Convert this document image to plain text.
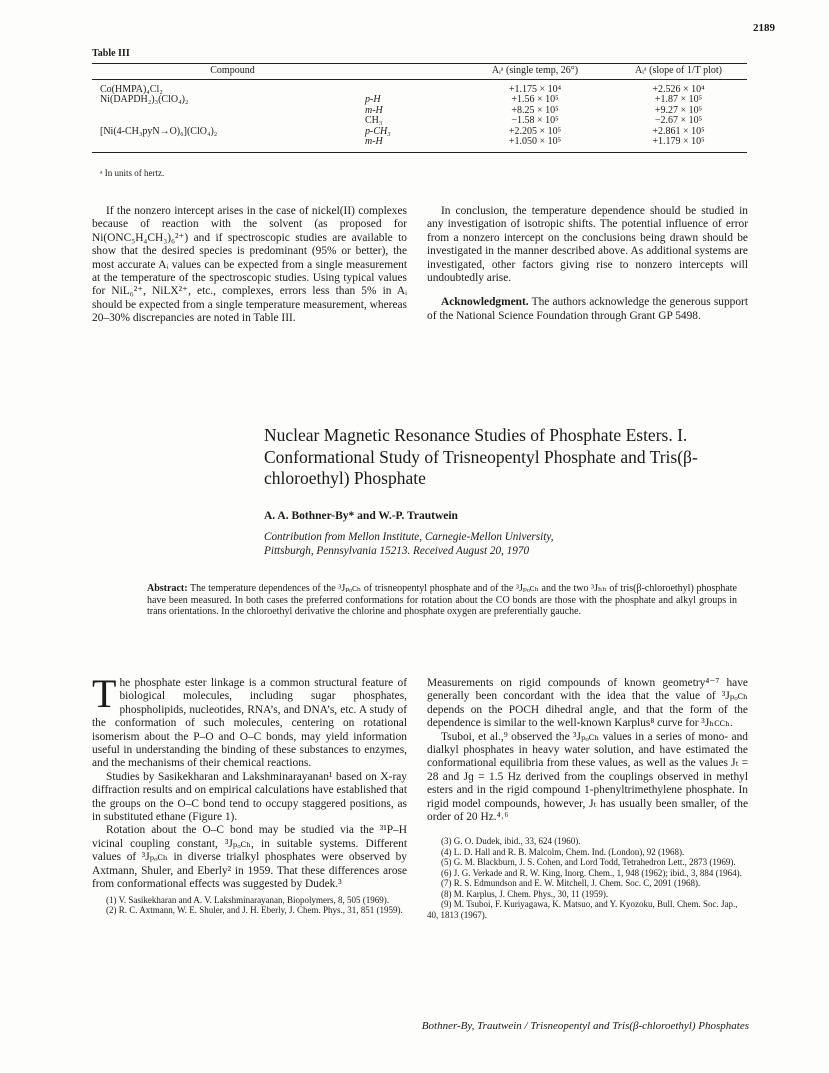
2189
Table III
Compound		Aᵢᵃ (single temp, 26°)	Aᵢᵃ (slope of 1/T plot)
Co(HMPA)₄Cl₂		+1.175 × 10⁴	+2.526 × 10⁴
Ni(DAPDH₂)₃(ClO₄)₂	p-H	+1.56 × 10⁵	+1.87 × 10⁵
	m-H	+8.25 × 10⁵	+9.27 × 10⁵
	CH₃	−1.58 × 10⁵	−2.67 × 10⁵
[Ni(4-CH₃pyN→O)₆](ClO₄)₂	p-CH₃	+2.205 × 10⁵	+2.861 × 10⁵
	m-H	+1.050 × 10⁵	+1.179 × 10⁵
ᵃ In units of hertz.

If the nonzero intercept arises in the case of nickel(II) complexes because of reaction with the solvent (as proposed for Ni(ONC₅H₄CH₃)₆²⁺) and if spectroscopic studies are available to show that the desired species is predominant (95% or better), the most accurate Aᵢ values can be expected from a single measurement at the temperature of the spectroscopic studies. Using typical values for NiL₆²⁺, NiLX²⁺, etc., complexes, errors less than 5% in Aᵢ should be expected from a single temperature measurement, whereas 20–30% discrepancies are noted in Table III.

In conclusion, the temperature dependence should be studied in any investigation of isotropic shifts. The potential influence of error from a nonzero intercept on the conclusions being drawn should be investigated in the manner described above. As additional systems are investigated, other factors giving rise to nonzero intercepts will undoubtedly arise.

Acknowledgment. The authors acknowledge the generous support of the National Science Foundation through Grant GP 5498.

Nuclear Magnetic Resonance Studies of Phosphate Esters. I. Conformational Study of Trisneopentyl Phosphate and Tris(β-chloroethyl) Phosphate
A. A. Bothner-By* and W.-P. Trautwein
Contribution from Mellon Institute, Carnegie-Mellon University,
Pittsburgh, Pennsylvania 15213. Received August 20, 1970
Abstract: The temperature dependences of the ³Jₚₒᴄₕ of trisneopentyl phosphate and of the ³Jₚₒᴄₕ and the two ³Jₕₕ of tris(β-chloroethyl) phosphate have been measured. In both cases the preferred conformations for rotation about the CO bonds are those with the phosphate and alkyl groups in trans orientations. In the chloroethyl derivative the chlorine and phosphate oxygen are preferentially gauche.

The phosphate ester linkage is a common structural feature of biological molecules, including sugar phosphates, phospholipids, nucleotides, RNA’s, and DNA’s, etc. A study of the conformation of such molecules, centering on rotational isomerism about the P–O and O–C bonds, may yield information useful in understanding the binding of these substances to enzymes, and the mechanisms of their chemical reactions.

Studies by Sasikekharan and Lakshminarayanan¹ based on X-ray diffraction results and on empirical calculations have established that the groups on the O–C bond tend to occupy staggered positions, as in substituted ethane (Figure 1).

Rotation about the O–C bond may be studied via the ³¹P–H vicinal coupling constant, ³Jₚₒᴄₕ, in suitable systems. Different values of ³Jₚₒᴄₕ in diverse trialkyl phosphates were observed by Axtmann, Shuler, and Eberly² in 1959. That these differences arose from conformational effects was suggested by Dudek.³

(1) V. Sasikekharan and A. V. Lakshminarayanan, Biopolymers, 8, 505 (1969).

(2) R. C. Axtmann, W. E. Shuler, and J. H. Eberly, J. Chem. Phys., 31, 851 (1959).

Measurements on rigid compounds of known geometry⁴⁻⁷ have generally been concordant with the idea that the value of ³Jₚₒᴄₕ depends on the POCH dihedral angle, and that the form of the dependence is similar to the well-known Karplus⁸ curve for ³Jₕᴄᴄₕ.

Tsuboi, et al.,⁹ observed the ³Jₚₒᴄₕ values in a series of mono- and dialkyl phosphates in heavy water solution, and have estimated the conformational equilibria from these values, as well as the values Jₜ = 28 and Jɡ = 1.5 Hz derived from the couplings observed in methyl esters and in the rigid compound 1-phenyltrimethylene phosphate. In rigid model compounds, however, Jₜ has usually been smaller, of the order of 20 Hz.⁴˒⁶

(3) G. O. Dudek, ibid., 33, 624 (1960).

(4) L. D. Hall and R. B. Malcolm, Chem. Ind. (London), 92 (1968).

(5) G. M. Blackburn, J. S. Cohen, and Lord Todd, Tetrahedron Lett., 2873 (1969).

(6) J. G. Verkade and R. W. King, Inorg. Chem., 1, 948 (1962); ibid., 3, 884 (1964).

(7) R. S. Edmundson and E. W. Mitchell, J. Chem. Soc. C, 2091 (1968).

(8) M. Karplus, J. Chem. Phys., 30, 11 (1959).

(9) M. Tsuboi, F. Kuriyagawa, K. Matsuo, and Y. Kyozoku, Bull. Chem. Soc. Jap., 40, 1813 (1967).

Bothner-By, Trautwein / Trisneopentyl and Tris(β-chloroethyl) Phosphates
